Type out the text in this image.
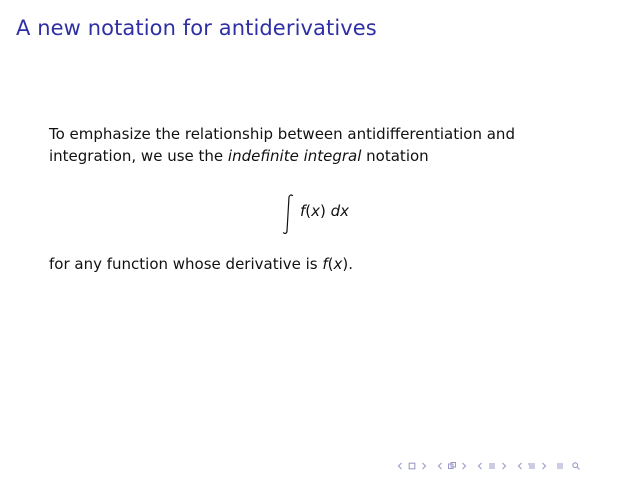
A new notation for antiderivatives
To emphasize the relationship between antidifferentiation and
integration, we use the indefinite integral notation
f(x) dx
for any function whose derivative is f(x).
